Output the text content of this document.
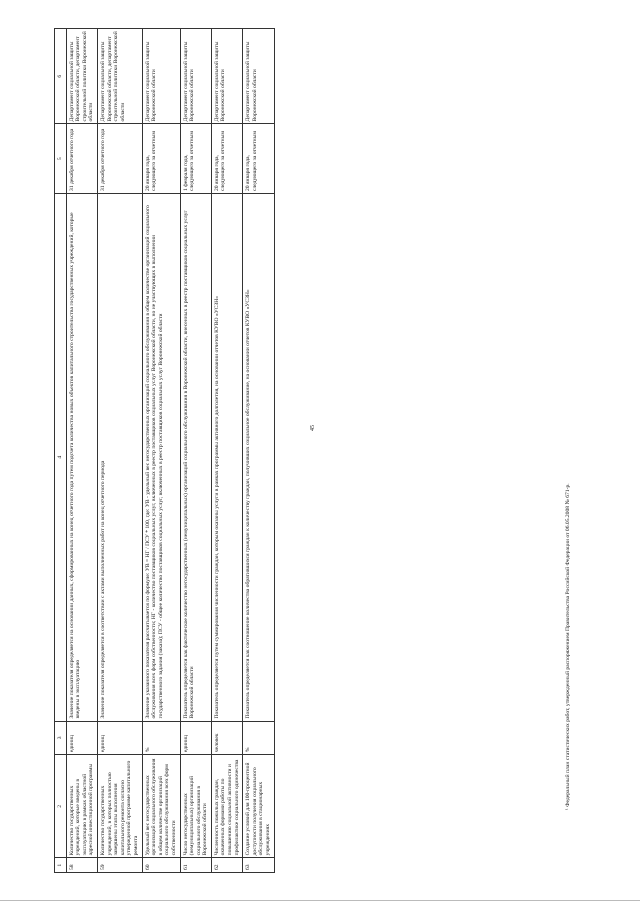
45
1	2	3	4	5	6
58	Количество государственных учреждений, которые введены в эксплуатацию в рамках областной адресной инвестиционной программы	единиц	Значение показателя определяется на основании данных, сформированных на конец отчетного года путем подсчета количества новых объектов капитального строительства государственных учреждений, которые введены в эксплуатацию	31 декабря отчетного года	Департамент социальной защиты Воронежской области, департамент строительной политики Воронежской области
59	Количество государственных учреждений, в которых полностью завершены этапы выполнения капитального ремонта согласно утвержденной программе капитального ремонта	единиц	Значение показателя определяется в соответствии с актами выполненных работ на конец отчетного периода	31 декабря отчетного года	Департамент социальной защиты Воронежской области, департамент строительной политики Воронежской области
60	Удельный вес негосударственных организаций социального обслуживания в общем количестве организаций социального обслуживания всех форм собственности	%	Значение указанного показателя рассчитывается по формуле: УВ = НГ / ПСУ * 100, где: УВ - удельный вес негосударственных организаций социального обслуживания в общем количестве организаций социального обслуживания всех форм собственности; НГ - количество поставщиков социальных услуг, включенных в реестр поставщиков социальных услуг Воронежской области, но не участвующих в выполнении государственного задания (заказа); ПСУ - общее количество поставщиков социальных услуг, включенных в реестр поставщиков социальных услуг Воронежской области	20 января года, следующего за отчетным	Департамент социальной защиты Воронежской области
61	Число негосударственных (немуниципальных) организаций социального обслуживания в Воронежской области	единиц	Показатель определяется как фактическое количество негосударственных (немуниципальных) организаций социального обслуживания в Воронежской области, внесенных в реестр поставщиков социальных услуг Воронежской области	1 февраля года, следующего за отчетным	Департамент социальной защиты Воронежской области
62	Численность пожилых граждан, охваченных формами работы по повышению социальной активности и профилактике социального одиночества	человек	Показатель определяется путем суммирования численности граждан, которым оказаны услуги в рамках программы активного долголетия, на основании отчетов КУВО «УСЗН»	20 января года, следующего за отчетным	Департамент социальной защиты Воронежской области
63	Создание условий для 100-процентной доступности получения социального обслуживания в стационарных учреждениях	%	Показатель определяется как соотношение количества обратившихся граждан к количеству граждан, получивших социальное обслуживание, на основании отчетов КУВО «УСЗН»	20 января года, следующего за отчетным	Департамент социальной защиты Воронежской области
¹ Федеральный план статистических работ, утвержденный распоряжением Правительства Российской Федерации от 06.05.2008 № 671-р.
